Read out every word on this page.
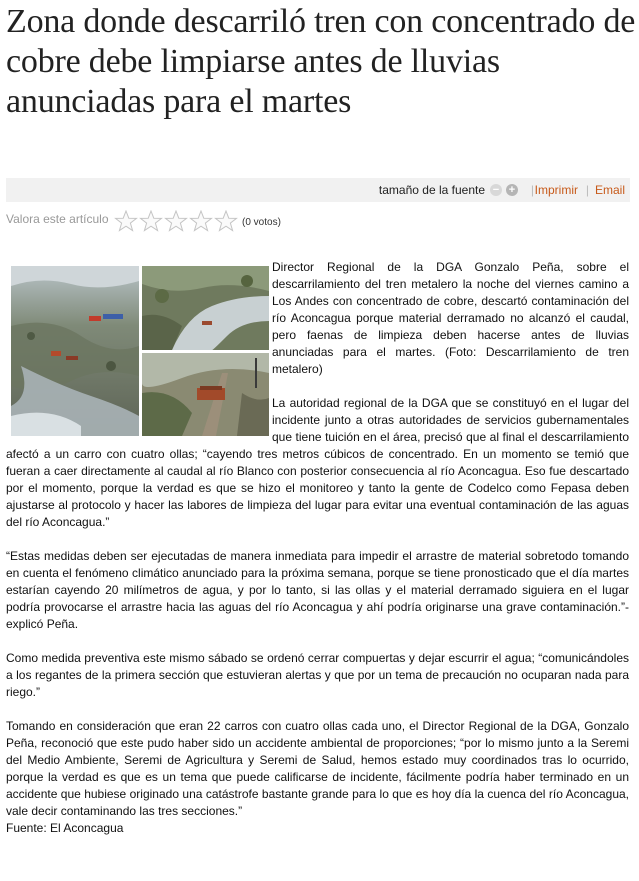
Zona donde descarriló tren con concentrado de cobre debe limpiarse antes de lluvias anunciadas para el martes
tamaño de la fuente − + | Imprimir | Email
Valora este artículo	(0 votos)

Director Regional de la DGA Gonzalo Peña, sobre el descarrilamiento del tren metalero la noche del viernes camino a Los Andes con concentrado de cobre, descartó contaminación del río Aconcagua porque material derramado no alcanzó el caudal, pero faenas de limpieza deben hacerse antes de lluvias anunciadas para el martes. (Foto: Descarrilamiento de tren metalero)

La autoridad regional de la DGA que se constituyó en el lugar del incidente junto a otras autoridades de servicios gubernamentales que tiene tuición en el área, precisó que al final el descarrilamiento afectó a un carro con cuatro ollas; “cayendo tres metros cúbicos de concentrado. En un momento se temió que fueran a caer directamente al caudal al río Blanco con posterior consecuencia al río Aconcagua. Eso fue descartado por el momento, porque la verdad es que se hizo el monitoreo y tanto la gente de Codelco como Fepasa deben ajustarse al protocolo y hacer las labores de limpieza del lugar para evitar una eventual contaminación de las aguas del río Aconcagua.”

“Estas medidas deben ser ejecutadas de manera inmediata para impedir el arrastre de material sobretodo tomando en cuenta el fenómeno climático anunciado para la próxima semana, porque se tiene pronosticado que el día martes estarían cayendo 20 milímetros de agua, y por lo tanto, si las ollas y el material derramado siguiera en el lugar podría provocarse el arrastre hacia las aguas del río Aconcagua y ahí podría originarse una grave contaminación.”- explicó Peña.

Como medida preventiva este mismo sábado se ordenó cerrar compuertas y dejar escurrir el agua; “comunicándoles a los regantes de la primera sección que estuvieran alertas y que por un tema de precaución no ocuparan nada para riego.”

Tomando en consideración que eran 22 carros con cuatro ollas cada uno, el Director Regional de la DGA, Gonzalo Peña, reconoció que este pudo haber sido un accidente ambiental de proporciones; “por lo mismo junto a la Seremi del Medio Ambiente, Seremi de Agricultura y Seremi de Salud, hemos estado muy coordinados tras lo ocurrido, porque la verdad es que es un tema que puede calificarse de incidente, fácilmente podría haber terminado en un accidente que hubiese originado una catástrofe bastante grande para lo que es hoy día la cuenca del río Aconcagua, vale decir contaminando las tres secciones.”

Fuente: El Aconcagua
